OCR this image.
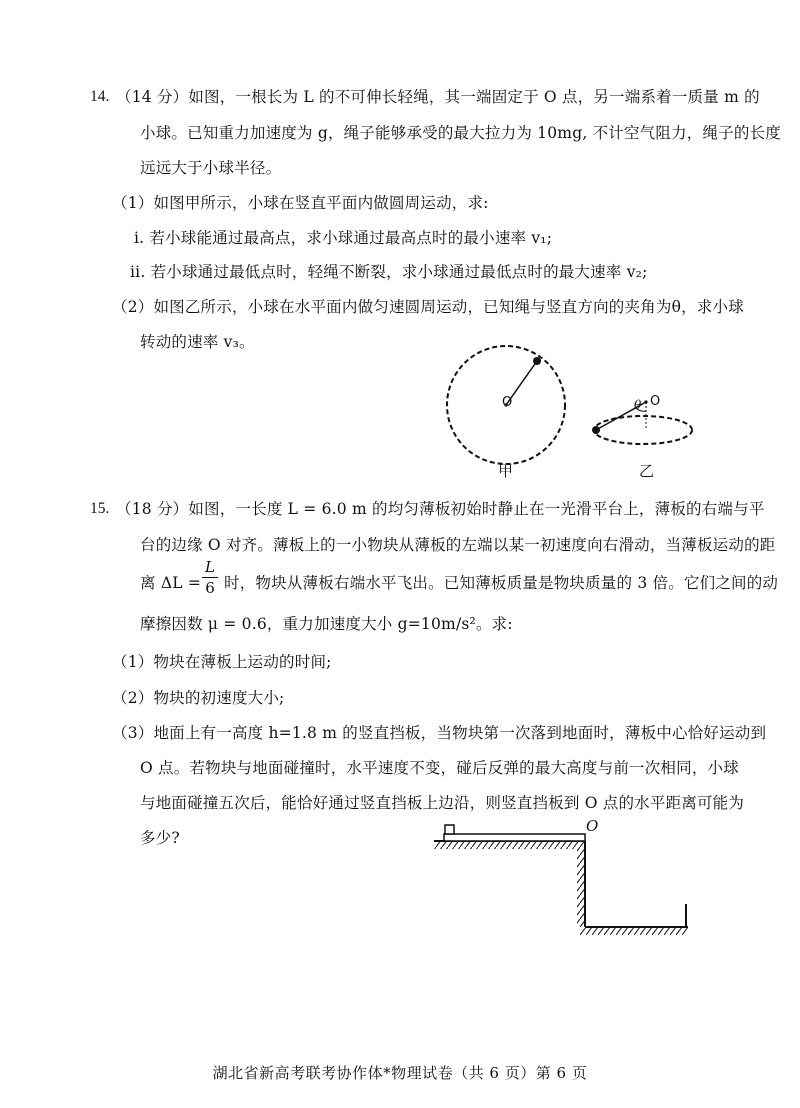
14. （14 分）如图，一根长为 L 的不可伸长轻绳，其一端固定于 O 点，另一端系着一质量 m 的
小球。已知重力加速度为 g，绳子能够承受的最大拉力为 10mg, 不计空气阻力，绳子的长度
远远大于小球半径。
（1）如图甲所示，小球在竖直平面内做圆周运动，求:
i. 若小球能通过最高点，求小球通过最高点时的最小速率 v₁;
ii. 若小球通过最低点时，轻绳不断裂，求小球通过最低点时的最大速率 v₂;
（2）如图乙所示，小球在水平面内做匀速圆周运动，已知绳与竖直方向的夹角为θ，求小球
转动的速率 v₃。
O
甲
O
θ
乙
15. （18 分）如图，一长度 L = 6.0 m 的均匀薄板初始时静止在一光滑平台上，薄板的右端与平
台的边缘 O 对齐。薄板上的一小物块从薄板的左端以某一初速度向右滑动，当薄板运动的距
离 ΔL =
L
6 时，物块从薄板右端水平飞出。已知薄板质量是物块质量的 3 倍。它们之间的动
摩擦因数 μ = 0.6，重力加速度大小 g=10m/s²。求:
（1）物块在薄板上运动的时间;
（2）物块的初速度大小;
（3）地面上有一高度 h=1.8 m 的竖直挡板，当物块第一次落到地面时，薄板中心恰好运动到
O 点。若物块与地面碰撞时，水平速度不变，碰后反弹的最大高度与前一次相同，小球
与地面碰撞五次后，能恰好通过竖直挡板上边沿，则竖直挡板到 O 点的水平距离可能为
多少?
O
湖北省新高考联考协作体*物理试卷（共 6 页）第 6 页
